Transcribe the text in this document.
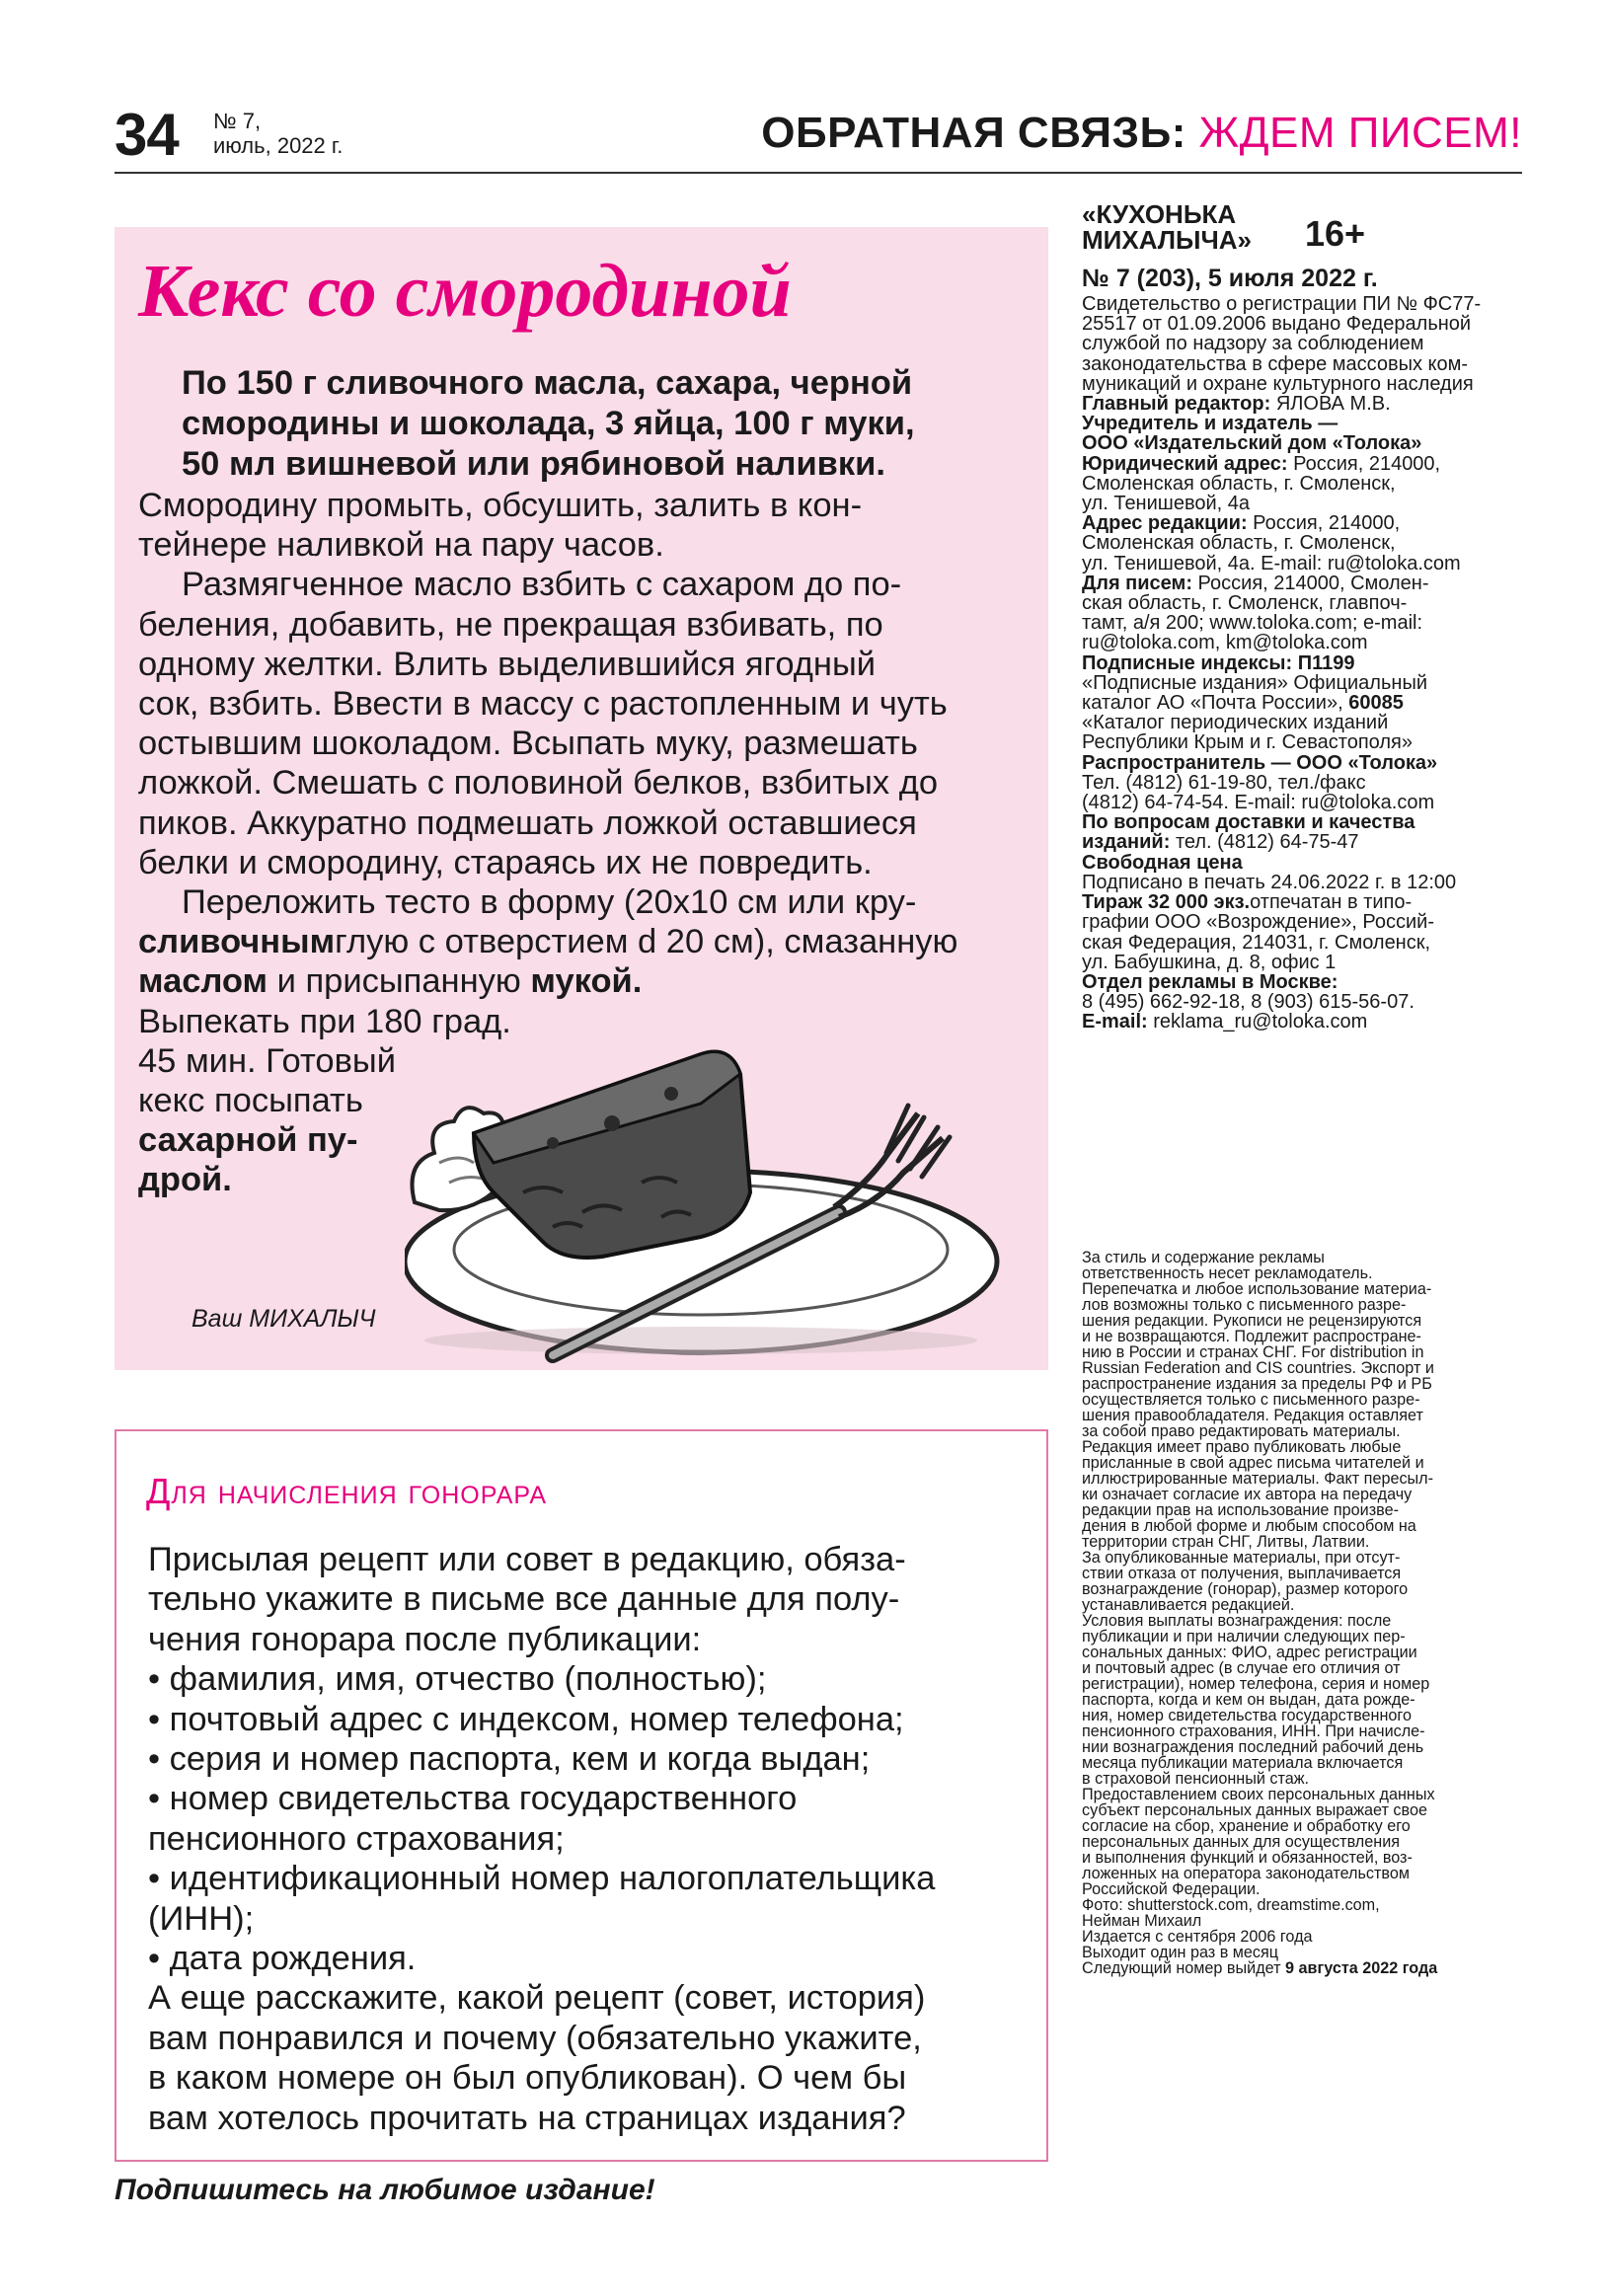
34 № 7,
июль, 2022 г.	ОБРАТНАЯ СВЯЗЬ: ЖДЕМ ПИСЕМ!
Кекс со смородиной
По 150 г сливочного масла, сахара, черной
смородины и шоколада, 3 яйца, 100 г муки,
50 мл вишневой или рябиновой наливки.
Смородину промыть, обсушить, залить в кон-
тейнере наливкой на пару часов.
Размягченное масло взбить с сахаром до по-
беления, добавить, не прекращая взбивать, по
одному желтки. Влить выделившийся ягодный
сок, взбить. Ввести в массу с растопленным и чуть
остывшим шоколадом. Всыпать муку, размешать
ложкой. Смешать с половиной белков, взбитых до
пиков. Аккуратно подмешать ложкой оставшиеся
белки и смородину, стараясь их не повредить.
Переложить тесто в форму (20х10 см или кру-
сливочнымглую с отверстием d 20 см), смазанную
маслом и присыпанную мукой.
Выпекать при 180 град.
45 мин. Готовый
кекс посыпать
сахарной пу-
дрой.
Ваш МИХАЛЫЧ
Для начисления гонорара
Присылая рецепт или совет в редакцию, обяза-
тельно укажите в письме все данные для полу-
чения гонорара после публикации:
• фамилия, имя, отчество (полностью);
• почтовый адрес с индексом, номер телефона;
• серия и номер паспорта, кем и когда выдан;
• номер свидетельства государственного
пенсионного страхования;
• идентификационный номер налогоплательщика
(ИНН);
• дата рождения.
А еще расскажите, какой рецепт (совет, история)
вам понравился и почему (обязательно укажите,
в каком номере он был опубликован). О чем бы
вам хотелось прочитать на страницах издания?
Подпишитесь на любимое издание!
«КУХОНЬКА
МИХАЛЫЧА» 16+
№ 7 (203), 5 июля 2022 г.
Свидетельство о регистрации ПИ № ФС77-
25517 от 01.09.2006 выдано Федеральной
службой по надзору за соблюдением
законодательства в сфере массовых ком-
муникаций и охране культурного наследия
Главный редактор: ЯЛОВА М.В.
Учредитель и издатель —
ООО «Издательский дом «Толока»
Юридический адрес: Россия, 214000,
Смоленская область, г. Смоленск,
ул. Тенишевой, 4а
Адрес редакции: Россия, 214000,
Смоленская область, г. Смоленск,
ул. Тенишевой, 4а. E-mail: ru@toloka.com
Для писем: Россия, 214000, Смолен-
ская область, г. Смоленск, главпоч-
тамт, а/я 200; www.toloka.com; e-mail:
ru@toloka.com, km@toloka.com
Подписные индексы: П1199
«Подписные издания» Официальный
каталог АО «Почта России», 60085
«Каталог периодических изданий
Республики Крым и г. Севастополя»
Распространитель — ООО «Толока»
Тел. (4812) 61-19-80, тел./факс
(4812) 64-74-54. E-mail: ru@toloka.com
По вопросам доставки и качества
изданий: тел. (4812) 64-75-47
Свободная цена
Подписано в печать 24.06.2022 г. в 12:00
Тираж 32 000 экз.отпечатан в типо-
графии ООО «Возрождение», Россий-
ская Федерация, 214031, г. Смоленск,
ул. Бабушкина, д. 8, офис 1
Отдел рекламы в Москве:
8 (495) 662-92-18, 8 (903) 615-56-07.
E-mail: reklama_ru@toloka.com
За стиль и содержание рекламы
ответственность несет рекламодатель.
Перепечатка и любое использование материа-
лов возможны только с письменного разре-
шения редакции. Рукописи не рецензируются
и не возвращаются. Подлежит распростране-
нию в России и странах СНГ. For distribution in
Russian Federation and CIS countries. Экспорт и
распространение издания за пределы РФ и РБ
осуществляется только с письменного разре-
шения правообладателя. Редакция оставляет
за собой право редактировать материалы.
Редакция имеет право публиковать любые
присланные в свой адрес письма читателей и
иллюстрированные материалы. Факт пересыл-
ки означает согласие их автора на передачу
редакции прав на использование произве-
дения в любой форме и любым способом на
территории стран СНГ, Литвы, Латвии.
За опубликованные материалы, при отсут-
ствии отказа от получения, выплачивается
вознаграждение (гонорар), размер которого
устанавливается редакцией.
Условия выплаты вознаграждения: после
публикации и при наличии следующих пер-
сональных данных: ФИО, адрес регистрации
и почтовый адрес (в случае его отличия от
регистрации), номер телефона, серия и номер
паспорта, когда и кем он выдан, дата рожде-
ния, номер свидетельства государственного
пенсионного страхования, ИНН. При начисле-
нии вознаграждения последний рабочий день
месяца публикации материала включается
в страховой пенсионный стаж.
Предоставлением своих персональных данных
субъект персональных данных выражает свое
согласие на сбор, хранение и обработку его
персональных данных для осуществления
и выполнения функций и обязанностей, воз-
ложенных на оператора законодательством
Российской Федерации.
Фото: shutterstock.com, dreamstime.com,
Нейман Михаил
Издается с сентября 2006 года
Выходит один раз в месяц
Следующий номер выйдет 9 августа 2022 года
